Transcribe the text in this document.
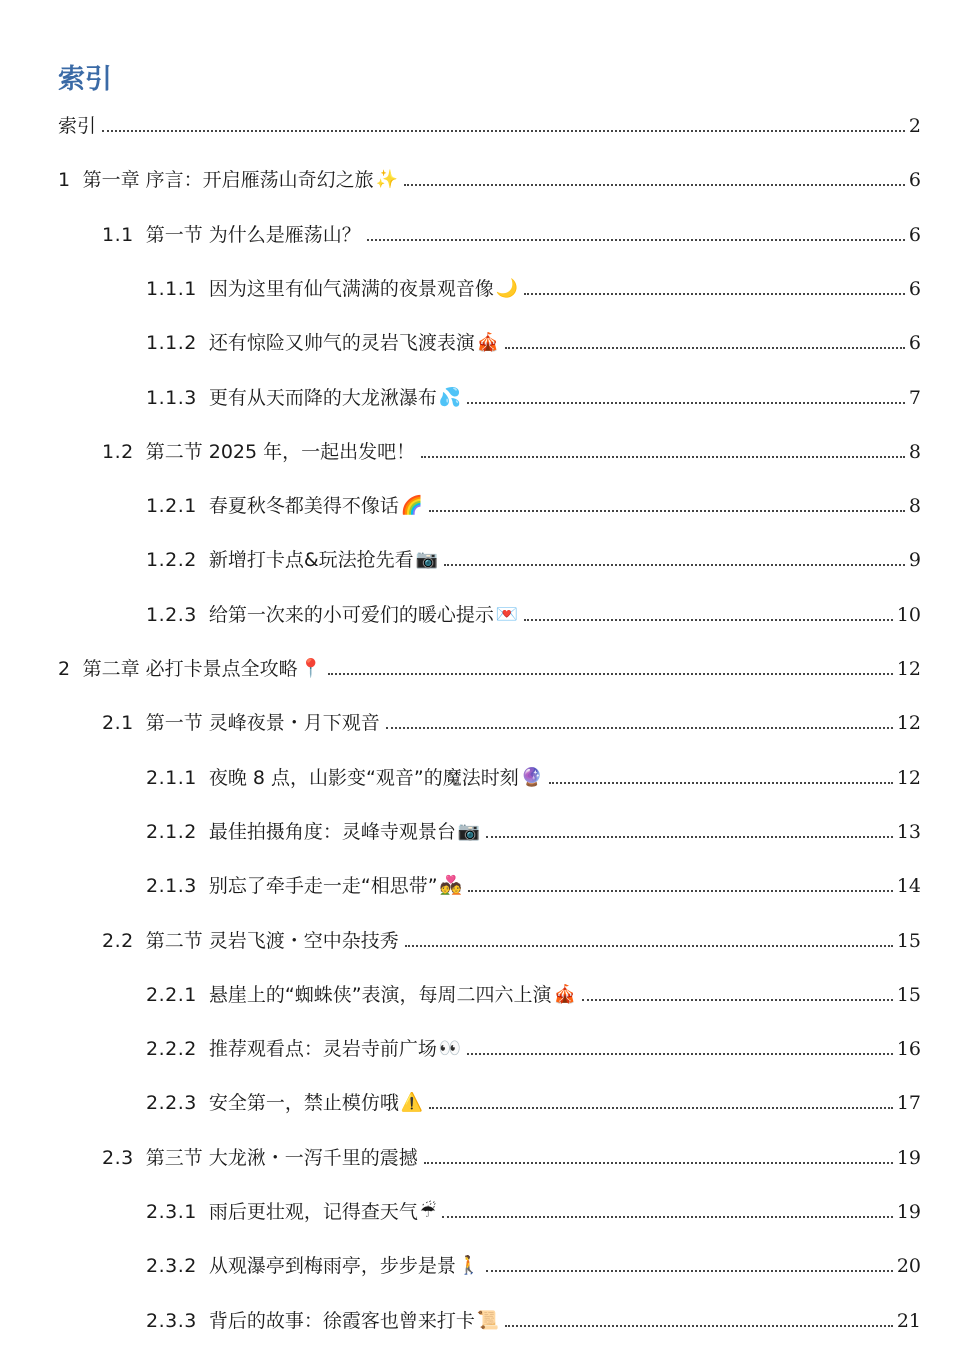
索引
索引	2
1 第一章 序言：开启雁荡山奇幻之旅 ✨	6
1.1 第一节 为什么是雁荡山？	6
1.1.1 因为这里有仙气满满的夜景观音像 🌙	6
1.1.2 还有惊险又帅气的灵岩飞渡表演 🎪	6
1.1.3 更有从天而降的大龙湫瀑布 💦	7
1.2 第二节 2025 年，一起出发吧！	8
1.2.1 春夏秋冬都美得不像话 🌈	8
1.2.2 新增打卡点&玩法抢先看 📷	9
1.2.3 给第一次来的小可爱们的暖心提示 💌	10
2 第二章 必打卡景点全攻略 📍	12
2.1 第一节 灵峰夜景・月下观音	12
2.1.1 夜晚 8 点，山影变“观音”的魔法时刻 🔮	12
2.1.2 最佳拍摄角度：灵峰寺观景台 📷	13
2.1.3 别忘了牵手走一走“相思带” 💑	14
2.2 第二节 灵岩飞渡・空中杂技秀	15
2.2.1 悬崖上的“蜘蛛侠”表演，每周二四六上演 🎪	15
2.2.2 推荐观看点：灵岩寺前广场 👀	16
2.2.3 安全第一，禁止模仿哦 ⚠️	17
2.3 第三节 大龙湫・一泻千里的震撼	19
2.3.1 雨后更壮观，记得查天气 ☔	19
2.3.2 从观瀑亭到梅雨亭，步步是景 🚶	20
2.3.3 背后的故事：徐霞客也曾来打卡 📜	21
